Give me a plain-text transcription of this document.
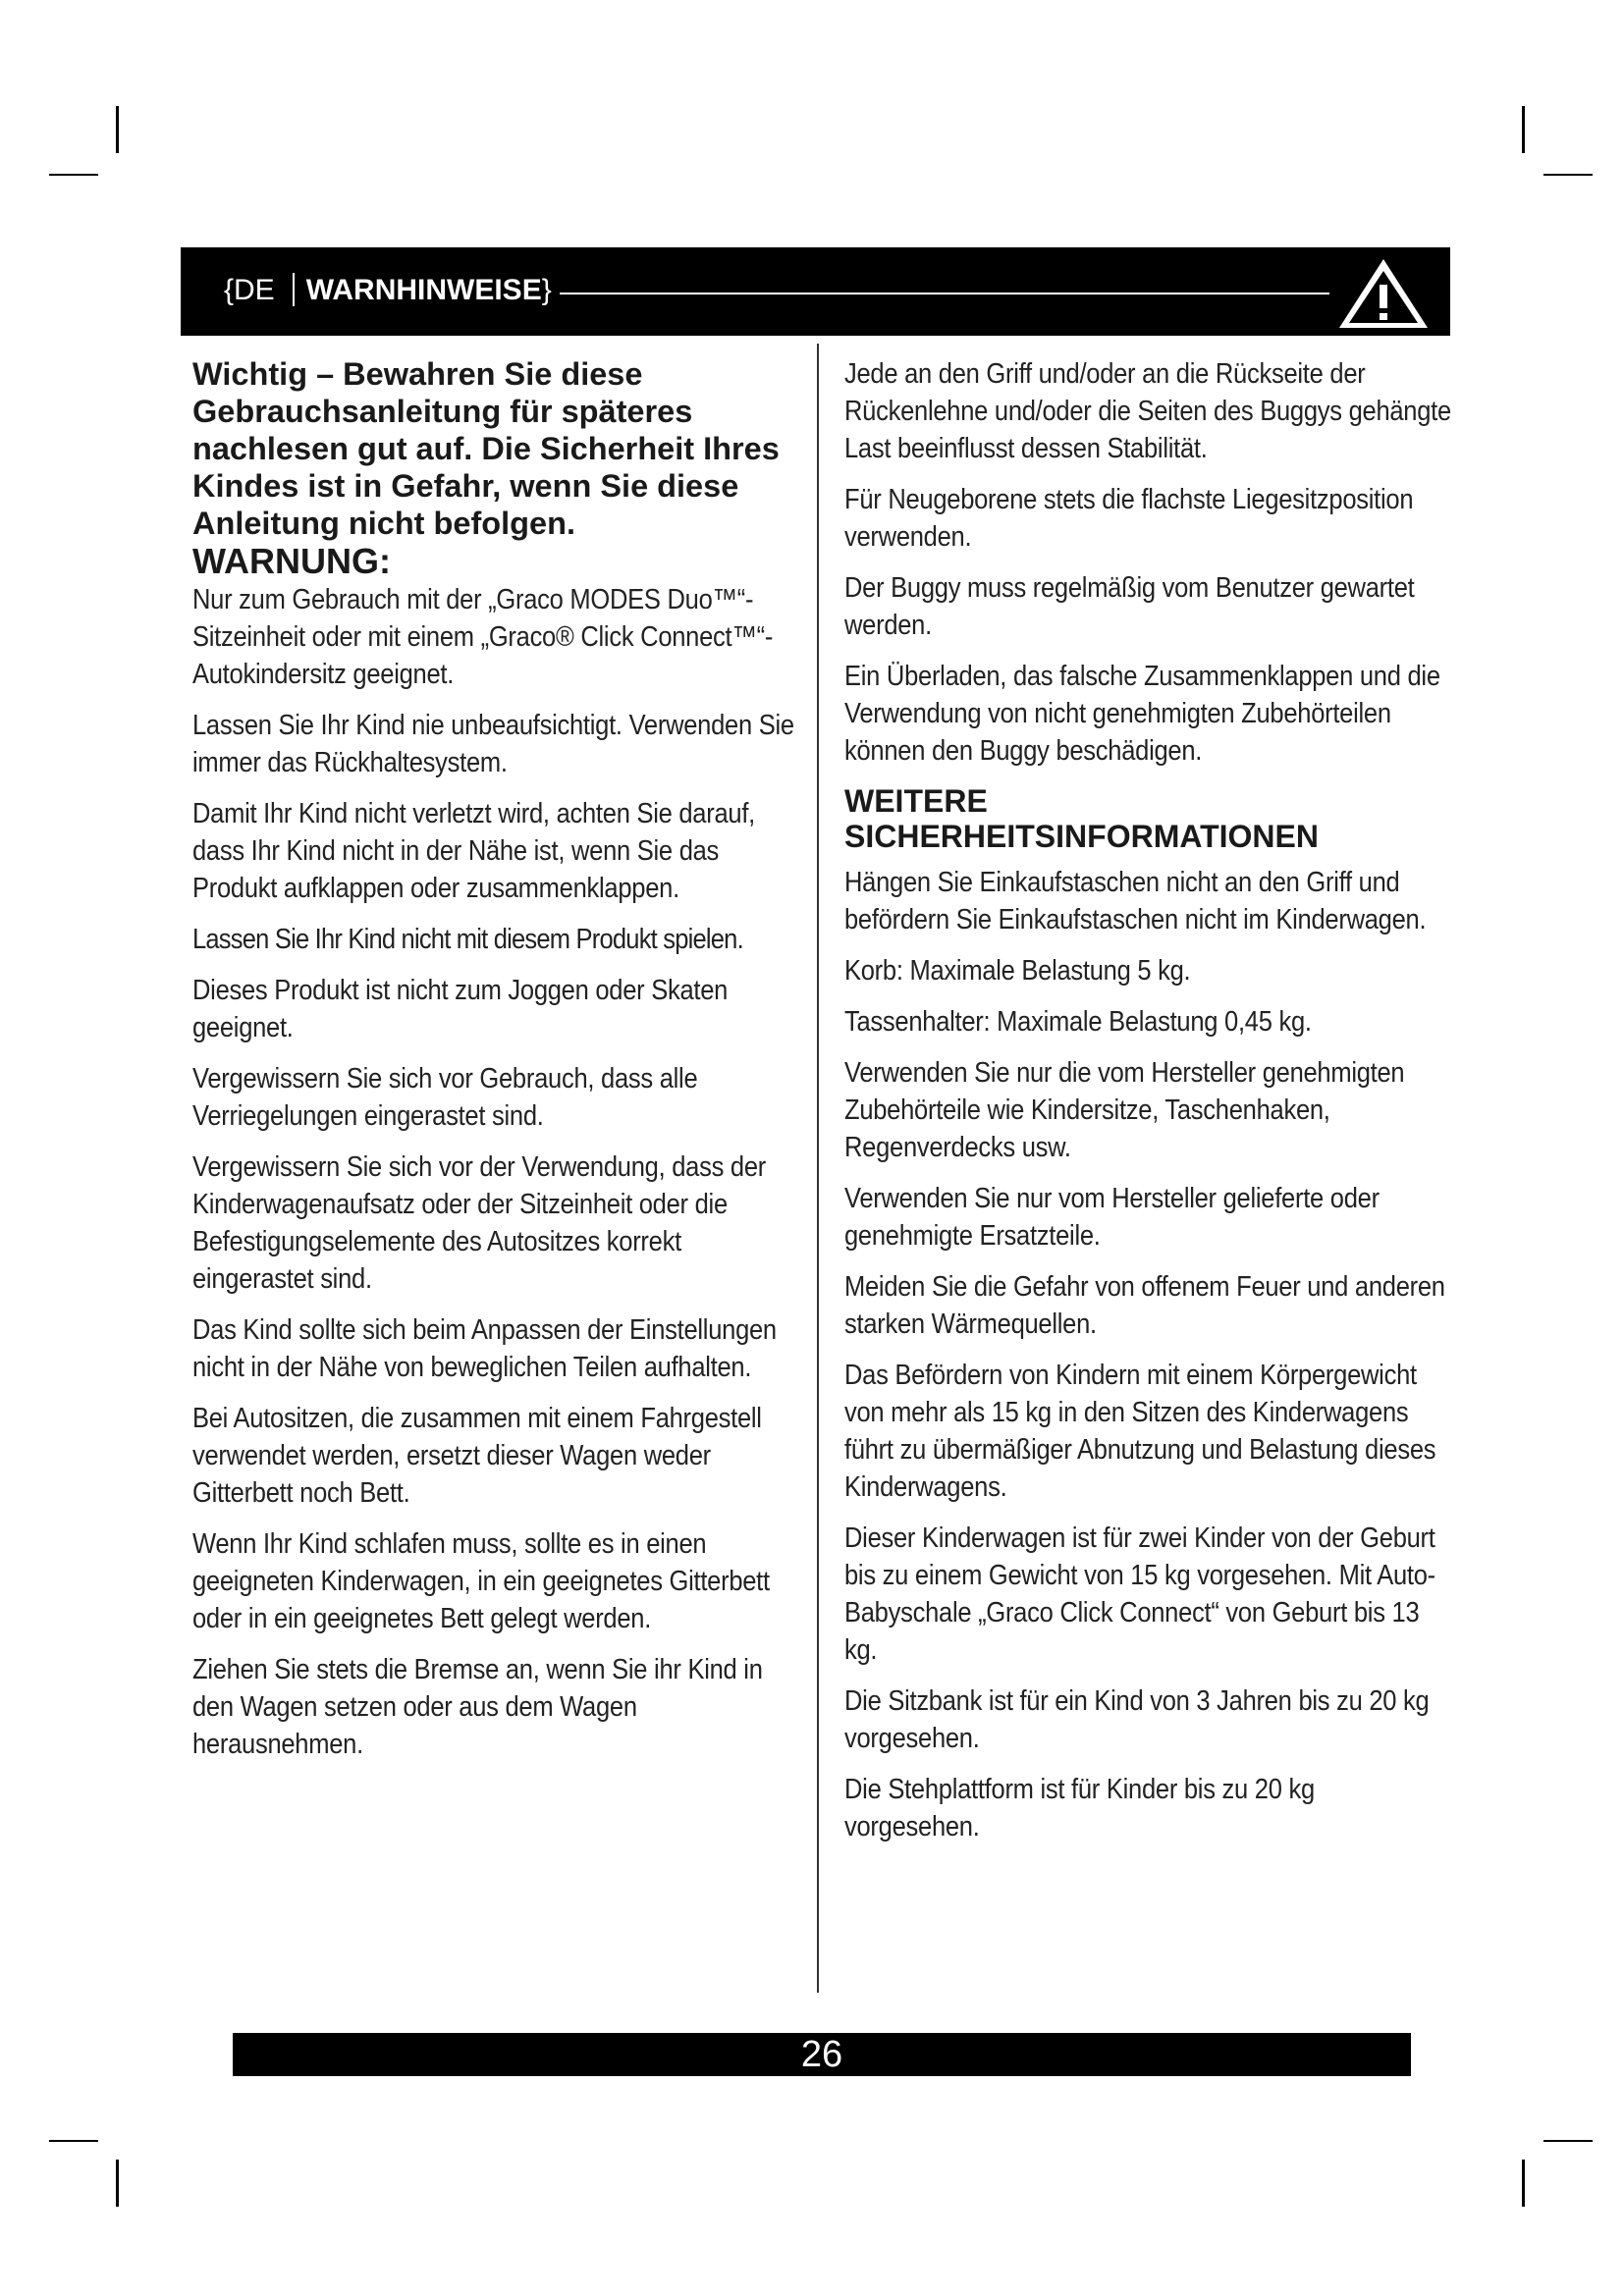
{DE WARNHINWEISE}

Wichtig – Bewahren Sie diese Gebrauchsanleitung für späteres nachlesen gut auf. Die Sicherheit Ihres Kindes ist in Gefahr, wenn Sie diese Anleitung nicht befolgen.

WARNUNG:

Nur zum Gebrauch mit der „Graco MODES Duo™“-Sitzeinheit oder mit einem „Graco® Click Connect™“-Autokindersitz geeignet.

Lassen Sie Ihr Kind nie unbeaufsichtigt. Verwenden Sie immer das Rückhaltesystem.

Damit Ihr Kind nicht verletzt wird, achten Sie darauf, dass Ihr Kind nicht in der Nähe ist, wenn Sie das Produkt aufklappen oder zusammenklappen.

Lassen Sie Ihr Kind nicht mit diesem Produkt spielen.

Dieses Produkt ist nicht zum Joggen oder Skaten geeignet.

Vergewissern Sie sich vor Gebrauch, dass alle Verriegelungen eingerastet sind.

Vergewissern Sie sich vor der Verwendung, dass der Kinderwagenaufsatz oder der Sitzeinheit oder die Befestigungselemente des Autositzes korrekt eingerastet sind.

Das Kind sollte sich beim Anpassen der Einstellungen nicht in der Nähe von beweglichen Teilen aufhalten.

Bei Autositzen, die zusammen mit einem Fahrgestell verwendet werden, ersetzt dieser Wagen weder Gitterbett noch Bett.

Wenn Ihr Kind schlafen muss, sollte es in einen geeigneten Kinderwagen, in ein geeignetes Gitterbett oder in ein geeignetes Bett gelegt werden.

Ziehen Sie stets die Bremse an, wenn Sie ihr Kind in den Wagen setzen oder aus dem Wagen herausnehmen.

Jede an den Griff und/oder an die Rückseite der Rückenlehne und/oder die Seiten des Buggys gehängte Last beeinflusst dessen Stabilität.

Für Neugeborene stets die flachste Liegesitzposition verwenden.

Der Buggy muss regelmäßig vom Benutzer gewartet werden.

Ein Überladen, das falsche Zusammenklappen und die Verwendung von nicht genehmigten Zubehörteilen können den Buggy beschädigen.

WEITERE
SICHERHEITSINFORMATIONEN

Hängen Sie Einkaufstaschen nicht an den Griff und befördern Sie Einkaufstaschen nicht im Kinderwagen.

Korb: Maximale Belastung 5 kg.

Tassenhalter: Maximale Belastung 0,45 kg.

Verwenden Sie nur die vom Hersteller genehmigten Zubehörteile wie Kindersitze, Taschenhaken, Regenverdecks usw.

Verwenden Sie nur vom Hersteller gelieferte oder genehmigte Ersatzteile.

Meiden Sie die Gefahr von offenem Feuer und anderen starken Wärmequellen.

Das Befördern von Kindern mit einem Körpergewicht von mehr als 15 kg in den Sitzen des Kinderwagens führt zu übermäßiger Abnutzung und Belastung dieses Kinderwagens.

Dieser Kinderwagen ist für zwei Kinder von der Geburt bis zu einem Gewicht von 15 kg vorgesehen. Mit Auto-Babyschale „Graco Click Connect“ von Geburt bis 13 kg.

Die Sitzbank ist für ein Kind von 3 Jahren bis zu 20 kg vorgesehen.

Die Stehplattform ist für Kinder bis zu 20 kg vorgesehen.

26
